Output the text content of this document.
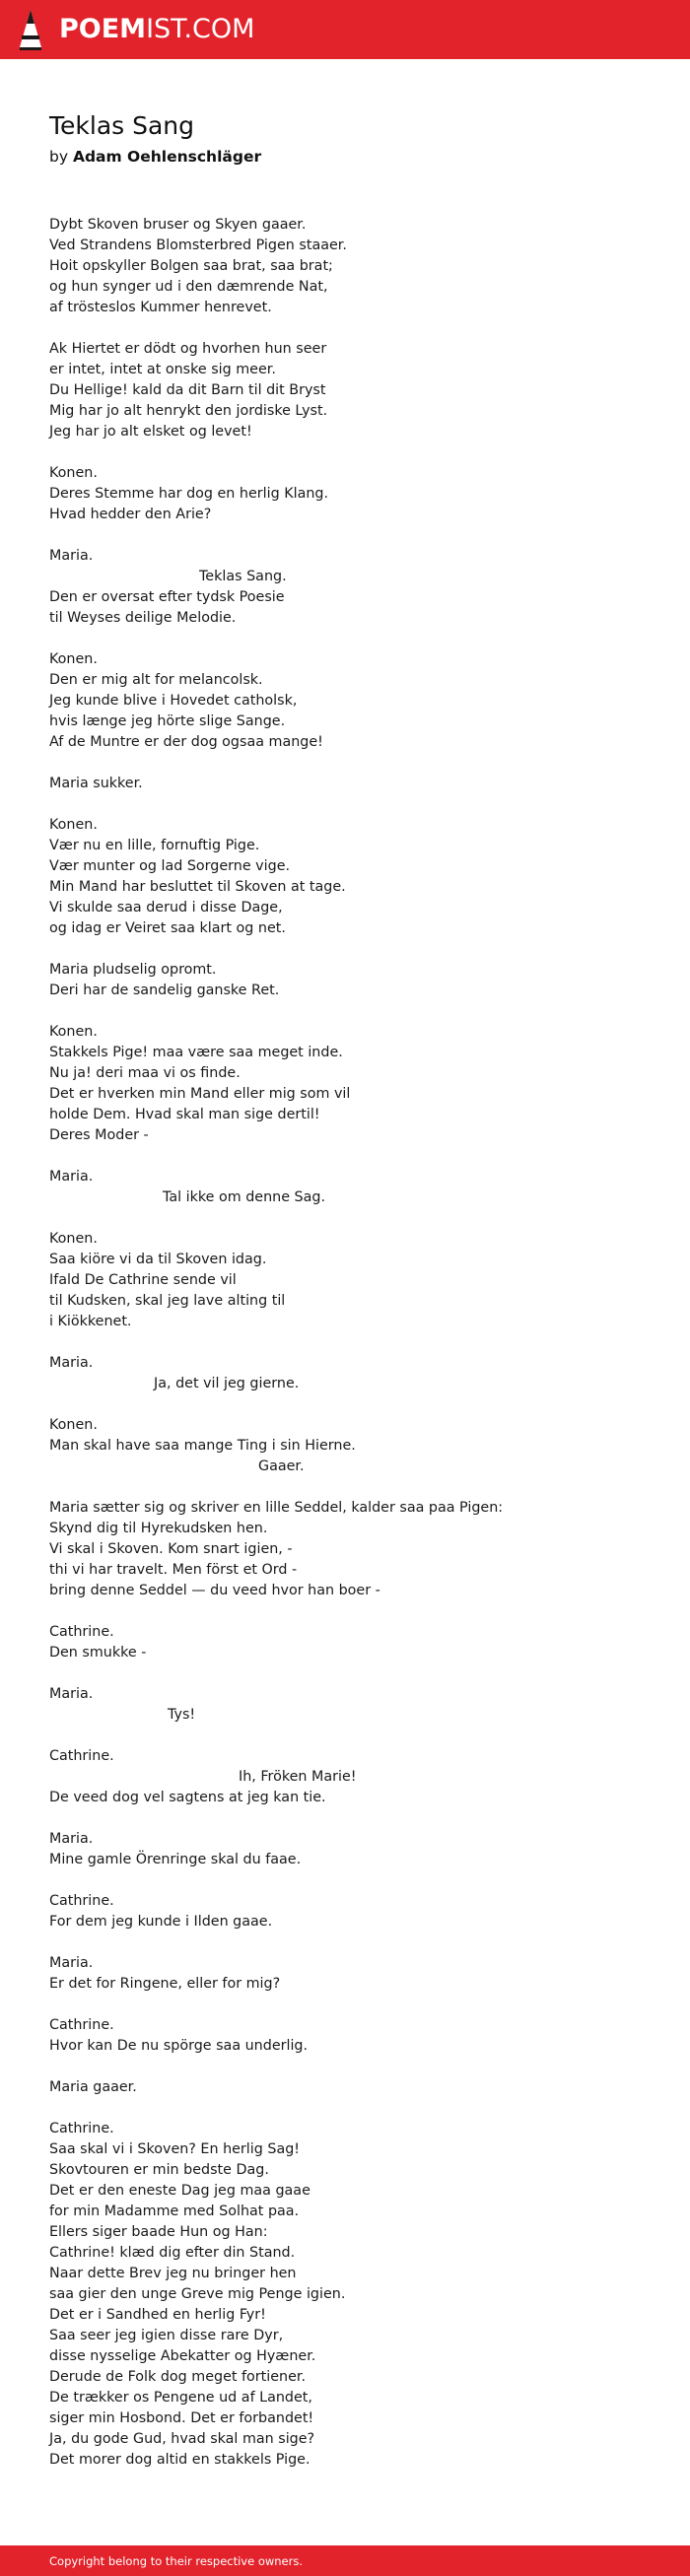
POEMIST.COM
Teklas Sang
by Adam Oehlenschläger
Dybt Skoven bruser og Skyen gaaer.
Ved Strandens Blomsterbred Pigen staaer.
Hoit opskyller Bolgen saa brat, saa brat;
og hun synger ud i den dæmrende Nat,
af trösteslos Kummer henrevet.
Ak Hiertet er dödt og hvorhen hun seer
er intet, intet at onske sig meer.
Du Hellige! kald da dit Barn til dit Bryst
Mig har jo alt henrykt den jordiske Lyst.
Jeg har jo alt elsket og levet!
Konen.
Deres Stemme har dog en herlig Klang.
Hvad hedder den Arie?
Maria.
Teklas Sang.
Den er oversat efter tydsk Poesie
til Weyses deilige Melodie.
Konen.
Den er mig alt for melancolsk.
Jeg kunde blive i Hovedet catholsk,
hvis længe jeg hörte slige Sange.
Af de Muntre er der dog ogsaa mange!
Maria sukker.
Konen.
Vær nu en lille, fornuftig Pige.
Vær munter og lad Sorgerne vige.
Min Mand har besluttet til Skoven at tage.
Vi skulde saa derud i disse Dage,
og idag er Veiret saa klart og net.
Maria pludselig opromt.
Deri har de sandelig ganske Ret.
Konen.
Stakkels Pige! maa være saa meget inde.
Nu ja! deri maa vi os finde.
Det er hverken min Mand eller mig som vil
holde Dem. Hvad skal man sige dertil!
Deres Moder -
Maria.
Tal ikke om denne Sag.
Konen.
Saa kiöre vi da til Skoven idag.
Ifald De Cathrine sende vil
til Kudsken, skal jeg lave alting til
i Kiökkenet.
Maria.
Ja, det vil jeg gierne.
Konen.
Man skal have saa mange Ting i sin Hierne.
Gaaer.
Maria sætter sig og skriver en lille Seddel, kalder saa paa Pigen:
Skynd dig til Hyrekudsken hen.
Vi skal i Skoven. Kom snart igien, -
thi vi har travelt. Men först et Ord -
bring denne Seddel — du veed hvor han boer -
Cathrine.
Den smukke -
Maria.
Tys!
Cathrine.
Ih, Fröken Marie!
De veed dog vel sagtens at jeg kan tie.
Maria.
Mine gamle Örenringe skal du faae.
Cathrine.
For dem jeg kunde i Ilden gaae.
Maria.
Er det for Ringene, eller for mig?
Cathrine.
Hvor kan De nu spörge saa underlig.
Maria gaaer.
Cathrine.
Saa skal vi i Skoven? En herlig Sag!
Skovtouren er min bedste Dag.
Det er den eneste Dag jeg maa gaae
for min Madamme med Solhat paa.
Ellers siger baade Hun og Han:
Cathrine! klæd dig efter din Stand.
Naar dette Brev jeg nu bringer hen
saa gier den unge Greve mig Penge igien.
Det er i Sandhed en herlig Fyr!
Saa seer jeg igien disse rare Dyr,
disse nysselige Abekatter og Hyæner.
Derude de Folk dog meget fortiener.
De trækker os Pengene ud af Landet,
siger min Hosbond. Det er forbandet!
Ja, du gode Gud, hvad skal man sige?
Det morer dog altid en stakkels Pige.
Copyright belong to their respective owners.
